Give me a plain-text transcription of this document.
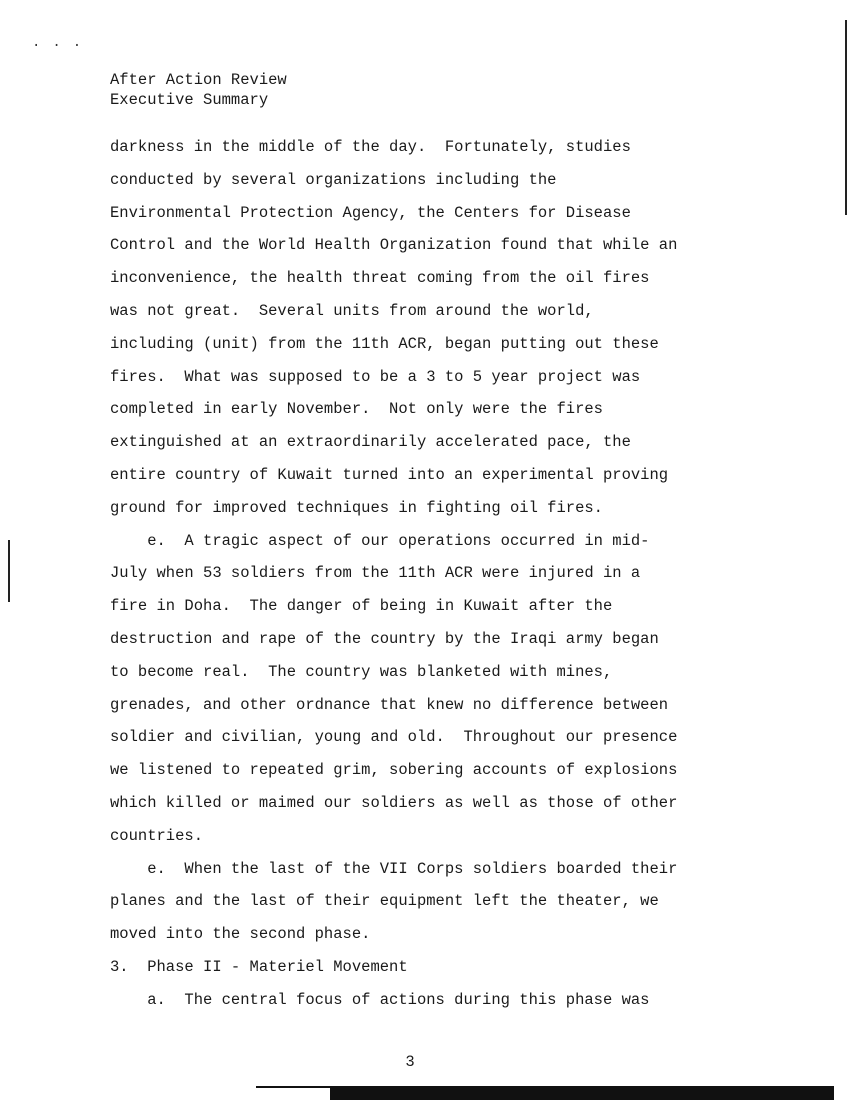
···
After Action Review
Executive Summary
darkness in the middle of the day.  Fortunately, studies
conducted by several organizations including the
Environmental Protection Agency, the Centers for Disease
Control and the World Health Organization found that while an
inconvenience, the health threat coming from the oil fires
was not great.  Several units from around the world,
including (unit) from the 11th ACR, began putting out these
fires.  What was supposed to be a 3 to 5 year project was
completed in early November.  Not only were the fires
extinguished at an extraordinarily accelerated pace, the
entire country of Kuwait turned into an experimental proving
ground for improved techniques in fighting oil fires.
e.  A tragic aspect of our operations occurred in mid-
July when 53 soldiers from the 11th ACR were injured in a
fire in Doha.  The danger of being in Kuwait after the
destruction and rape of the country by the Iraqi army began
to become real.  The country was blanketed with mines,
grenades, and other ordnance that knew no difference between
soldier and civilian, young and old.  Throughout our presence
we listened to repeated grim, sobering accounts of explosions
which killed or maimed our soldiers as well as those of other
countries.
e.  When the last of the VII Corps soldiers boarded their
planes and the last of their equipment left the theater, we
moved into the second phase.
3.  Phase II - Materiel Movement
a.  The central focus of actions during this phase was
3
